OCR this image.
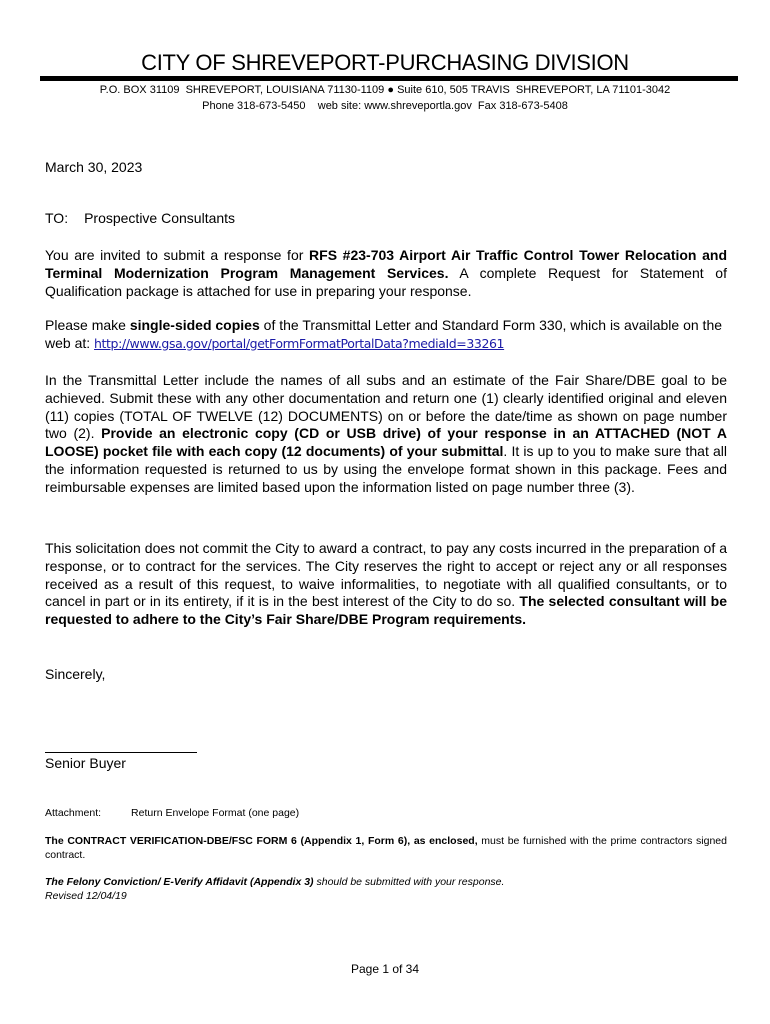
CITY OF SHREVEPORT-PURCHASING DIVISION
P.O. BOX 31109  SHREVEPORT, LOUISIANA 71130-1109 ● Suite 610, 505 TRAVIS  SHREVEPORT, LA 71101-3042
Phone 318-673-5450    web site: www.shreveportla.gov  Fax 318-673-5408
March 30, 2023
TO: Prospective Consultants
You are invited to submit a response for RFS #23-703 Airport Air Traffic Control Tower Relocation and Terminal Modernization Program Management Services. A complete Request for Statement of Qualification package is attached for use in preparing your response.
Please make single-sided copies of the Transmittal Letter and Standard Form 330, which is available on the web at: http://www.gsa.gov/portal/getFormFormatPortalData?mediaId=33261
In the Transmittal Letter include the names of all subs and an estimate of the Fair Share/DBE goal to be achieved. Submit these with any other documentation and return one (1) clearly identified original and eleven (11) copies (TOTAL OF TWELVE (12) DOCUMENTS) on or before the date/time as shown on page number two (2). Provide an electronic copy (CD or USB drive) of your response in an ATTACHED (NOT A LOOSE) pocket file with each copy (12 documents) of your submittal. It is up to you to make sure that all the information requested is returned to us by using the envelope format shown in this package. Fees and reimbursable expenses are limited based upon the information listed on page number three (3).
This solicitation does not commit the City to award a contract, to pay any costs incurred in the preparation of a response, or to contract for the services. The City reserves the right to accept or reject any or all responses received as a result of this request, to waive informalities, to negotiate with all qualified consultants, or to cancel in part or in its entirety, if it is in the best interest of the City to do so. The selected consultant will be requested to adhere to the City’s Fair Share/DBE Program requirements.
Sincerely,
Senior Buyer
Attachment:	Return Envelope Format (one page)
The CONTRACT VERIFICATION-DBE/FSC FORM 6 (Appendix 1, Form 6), as enclosed, must be furnished with the prime contractors signed contract.
The Felony Conviction/ E-Verify Affidavit (Appendix 3) should be submitted with your response.
Revised 12/04/19
Page 1 of 34
